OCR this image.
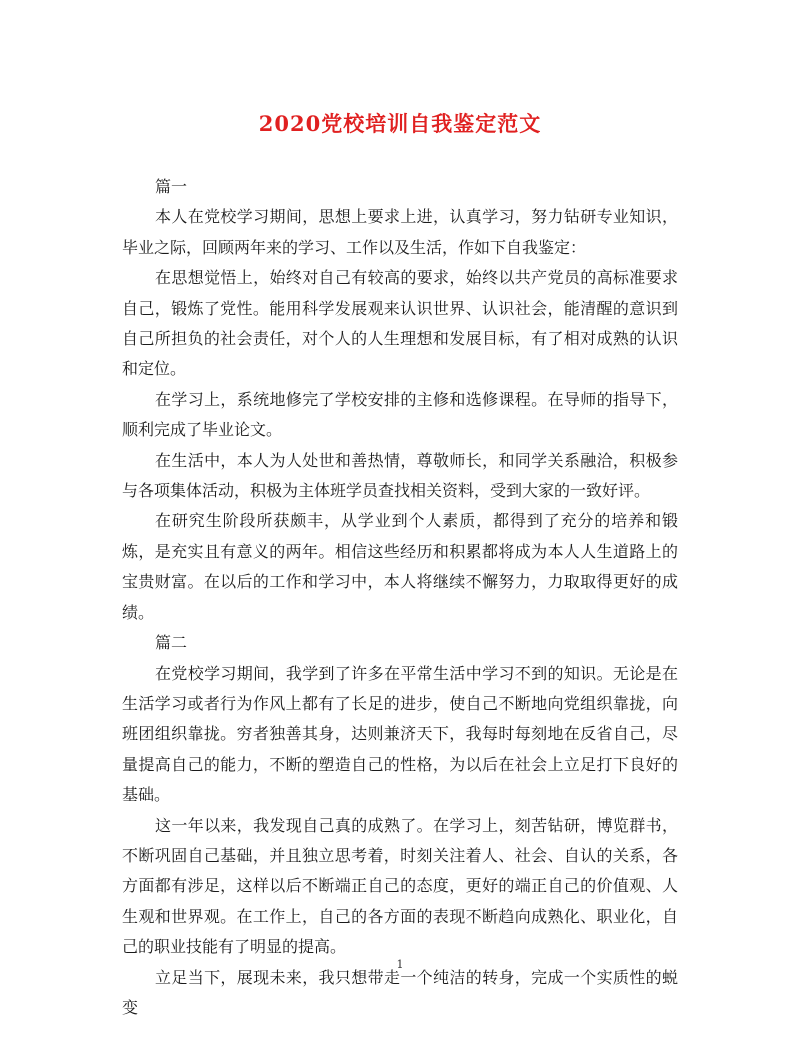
2020党校培训自我鉴定范文

篇一

本人在党校学习期间，思想上要求上进，认真学习，努力钻研专业知识，毕业之际，回顾两年来的学习、工作以及生活，作如下自我鉴定：

在思想觉悟上，始终对自己有较高的要求，始终以共产党员的高标准要求自己，锻炼了党性。能用科学发展观来认识世界、认识社会，能清醒的意识到自己所担负的社会责任，对个人的人生理想和发展目标，有了相对成熟的认识和定位。

在学习上，系统地修完了学校安排的主修和选修课程。在导师的指导下，顺利完成了毕业论文。

在生活中，本人为人处世和善热情，尊敬师长，和同学关系融洽，积极参与各项集体活动，积极为主体班学员查找相关资料，受到大家的一致好评。

在研究生阶段所获颇丰，从学业到个人素质，都得到了充分的培养和锻炼，是充实且有意义的两年。相信这些经历和积累都将成为本人人生道路上的宝贵财富。在以后的工作和学习中，本人将继续不懈努力，力取取得更好的成绩。

篇二

在党校学习期间，我学到了许多在平常生活中学习不到的知识。无论是在生活学习或者行为作风上都有了长足的进步，使自己不断地向党组织靠拢，向班团组织靠拢。穷者独善其身，达则兼济天下，我每时每刻地在反省自己，尽量提高自己的能力，不断的塑造自己的性格，为以后在社会上立足打下良好的基础。

这一年以来，我发现自己真的成熟了。在学习上，刻苦钻研，博览群书，不断巩固自己基础，并且独立思考着，时刻关注着人、社会、自认的关系，各方面都有涉足，这样以后不断端正自己的态度，更好的端正自己的价值观、人生观和世界观。在工作上，自己的各方面的表现不断趋向成熟化、职业化，自己的职业技能有了明显的提高。

立足当下，展现未来，我只想带走一个纯洁的转身，完成一个实质性的蜕变

1
